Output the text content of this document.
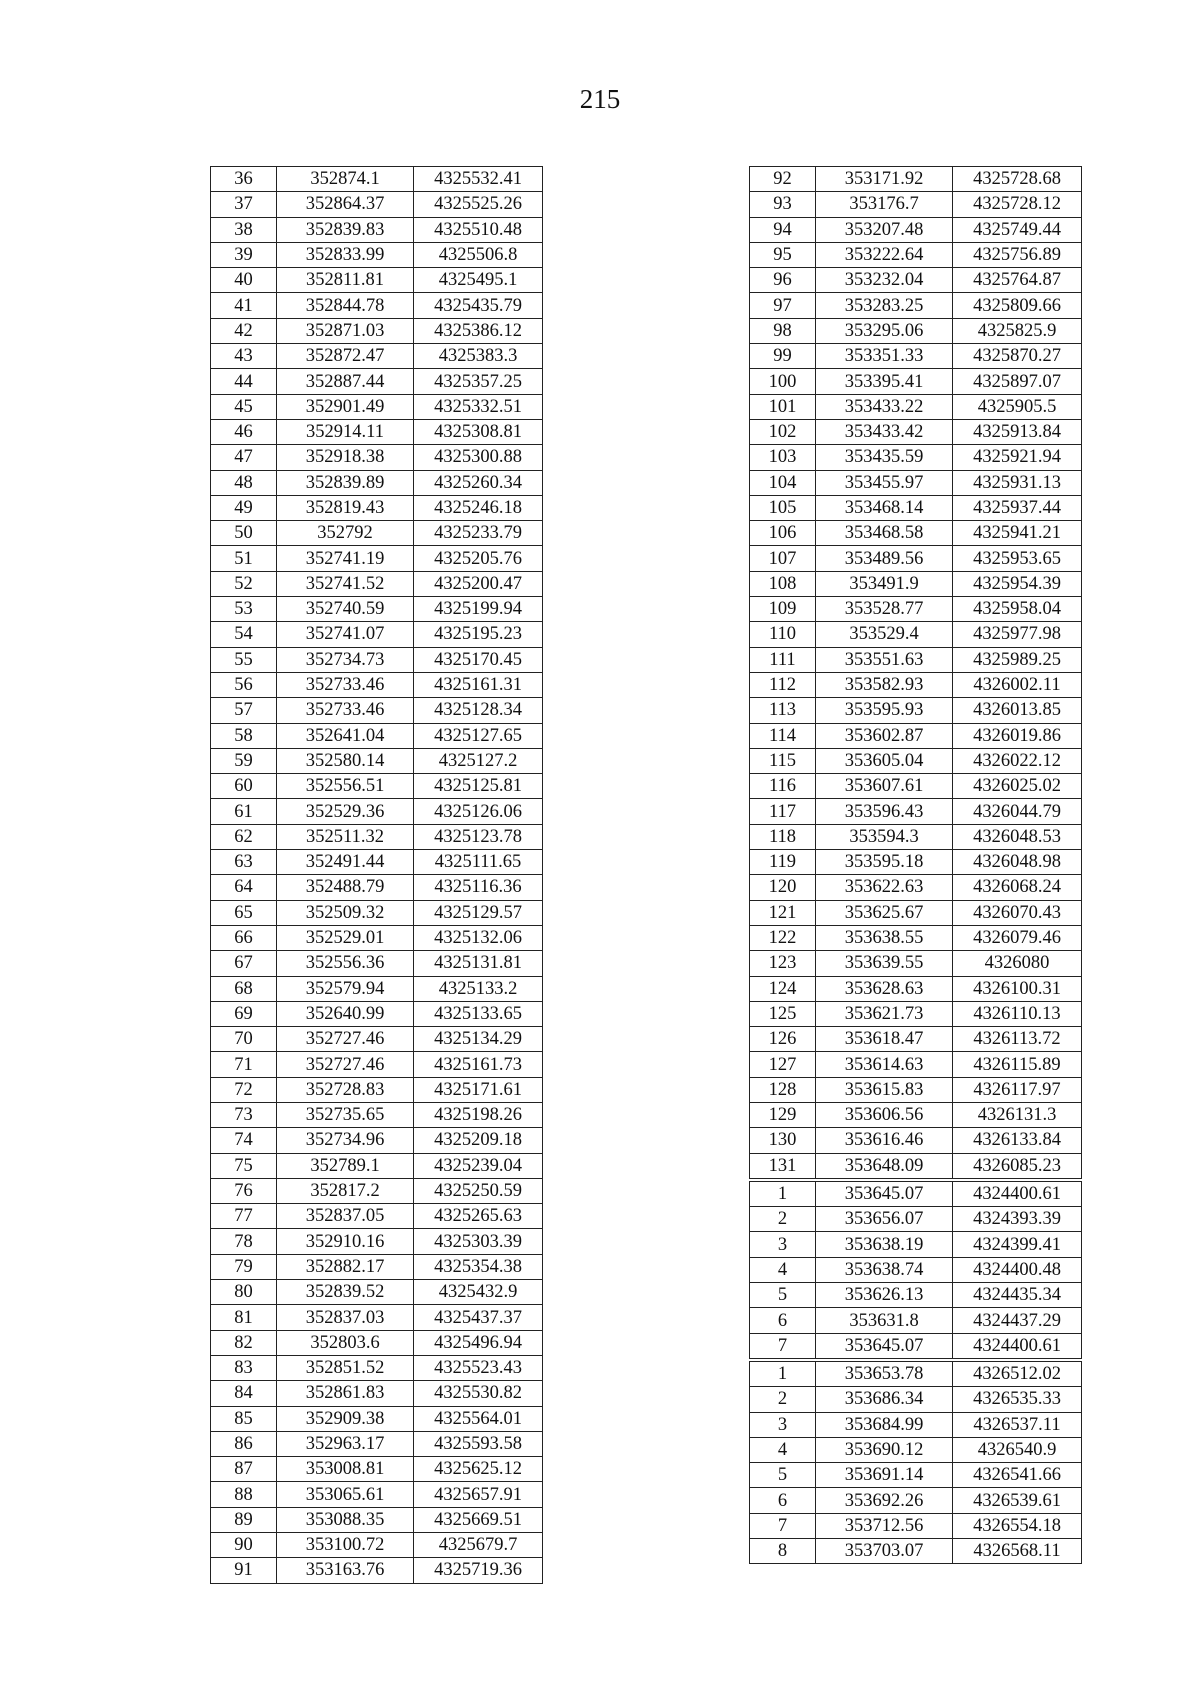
215
36	352874.1	4325532.41
37	352864.37	4325525.26
38	352839.83	4325510.48
39	352833.99	4325506.8
40	352811.81	4325495.1
41	352844.78	4325435.79
42	352871.03	4325386.12
43	352872.47	4325383.3
44	352887.44	4325357.25
45	352901.49	4325332.51
46	352914.11	4325308.81
47	352918.38	4325300.88
48	352839.89	4325260.34
49	352819.43	4325246.18
50	352792	4325233.79
51	352741.19	4325205.76
52	352741.52	4325200.47
53	352740.59	4325199.94
54	352741.07	4325195.23
55	352734.73	4325170.45
56	352733.46	4325161.31
57	352733.46	4325128.34
58	352641.04	4325127.65
59	352580.14	4325127.2
60	352556.51	4325125.81
61	352529.36	4325126.06
62	352511.32	4325123.78
63	352491.44	4325111.65
64	352488.79	4325116.36
65	352509.32	4325129.57
66	352529.01	4325132.06
67	352556.36	4325131.81
68	352579.94	4325133.2
69	352640.99	4325133.65
70	352727.46	4325134.29
71	352727.46	4325161.73
72	352728.83	4325171.61
73	352735.65	4325198.26
74	352734.96	4325209.18
75	352789.1	4325239.04
76	352817.2	4325250.59
77	352837.05	4325265.63
78	352910.16	4325303.39
79	352882.17	4325354.38
80	352839.52	4325432.9
81	352837.03	4325437.37
82	352803.6	4325496.94
83	352851.52	4325523.43
84	352861.83	4325530.82
85	352909.38	4325564.01
86	352963.17	4325593.58
87	353008.81	4325625.12
88	353065.61	4325657.91
89	353088.35	4325669.51
90	353100.72	4325679.7
91	353163.76	4325719.36
92	353171.92	4325728.68
93	353176.7	4325728.12
94	353207.48	4325749.44
95	353222.64	4325756.89
96	353232.04	4325764.87
97	353283.25	4325809.66
98	353295.06	4325825.9
99	353351.33	4325870.27
100	353395.41	4325897.07
101	353433.22	4325905.5
102	353433.42	4325913.84
103	353435.59	4325921.94
104	353455.97	4325931.13
105	353468.14	4325937.44
106	353468.58	4325941.21
107	353489.56	4325953.65
108	353491.9	4325954.39
109	353528.77	4325958.04
110	353529.4	4325977.98
111	353551.63	4325989.25
112	353582.93	4326002.11
113	353595.93	4326013.85
114	353602.87	4326019.86
115	353605.04	4326022.12
116	353607.61	4326025.02
117	353596.43	4326044.79
118	353594.3	4326048.53
119	353595.18	4326048.98
120	353622.63	4326068.24
121	353625.67	4326070.43
122	353638.55	4326079.46
123	353639.55	4326080
124	353628.63	4326100.31
125	353621.73	4326110.13
126	353618.47	4326113.72
127	353614.63	4326115.89
128	353615.83	4326117.97
129	353606.56	4326131.3
130	353616.46	4326133.84
131	353648.09	4326085.23
1	353645.07	4324400.61
2	353656.07	4324393.39
3	353638.19	4324399.41
4	353638.74	4324400.48
5	353626.13	4324435.34
6	353631.8	4324437.29
7	353645.07	4324400.61
1	353653.78	4326512.02
2	353686.34	4326535.33
3	353684.99	4326537.11
4	353690.12	4326540.9
5	353691.14	4326541.66
6	353692.26	4326539.61
7	353712.56	4326554.18
8	353703.07	4326568.11
